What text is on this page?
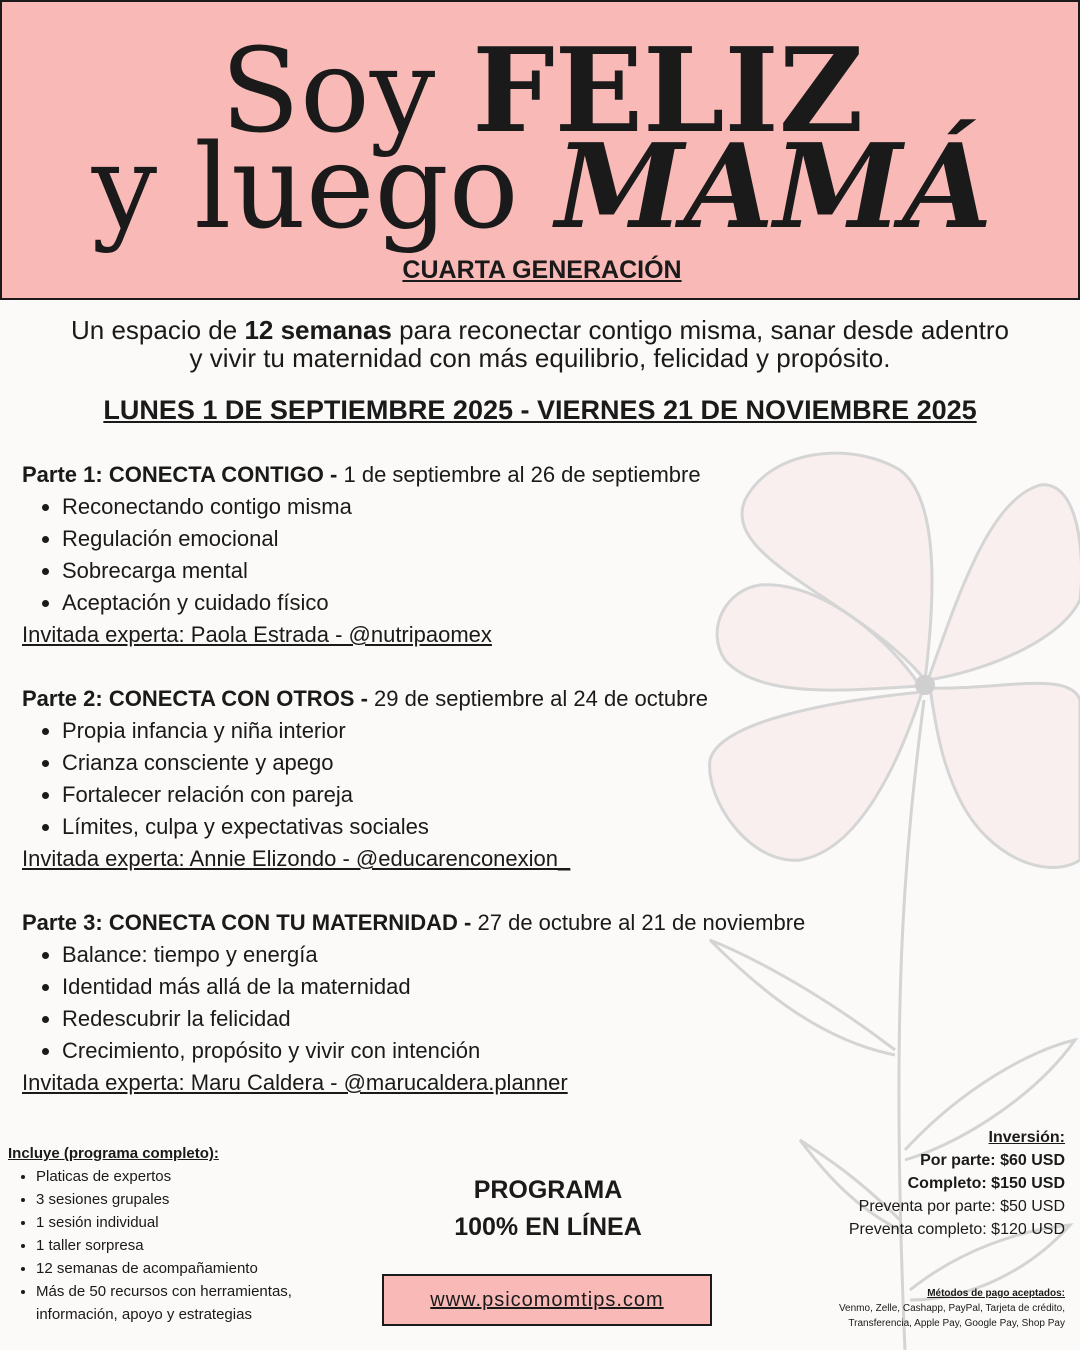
Soy FELIZ
y luego MAMÁ
CUARTA GENERACIÓN
Un espacio de 12 semanas para reconectar contigo misma, sanar desde adentro
y vivir tu maternidad con más equilibrio, felicidad y propósito.
LUNES 1 DE SEPTIEMBRE 2025 - VIERNES 21 DE NOVIEMBRE 2025
Parte 1: CONECTA CONTIGO - 1 de septiembre al 26 de septiembre
• Reconectando contigo misma
• Regulación emocional
• Sobrecarga mental
• Aceptación y cuidado físico
Invitada experta: Paola Estrada - @nutripaomex
Parte 2: CONECTA CON OTROS - 29 de septiembre al 24 de octubre
• Propia infancia y niña interior
• Crianza consciente y apego
• Fortalecer relación con pareja
• Límites, culpa y expectativas sociales
Invitada experta: Annie Elizondo - @educarenconexion_
Parte 3: CONECTA CON TU MATERNIDAD - 27 de octubre al 21 de noviembre
• Balance: tiempo y energía
• Identidad más allá de la maternidad
• Redescubrir la felicidad
• Crecimiento, propósito y vivir con intención
Invitada experta: Maru Caldera - @marucaldera.planner
Incluye (programa completo):
• Platicas de expertos
• 3 sesiones grupales
• 1 sesión individual
• 1 taller sorpresa
• 12 semanas de acompañamiento
• Más de 50 recursos con herramientas,
información, apoyo y estrategias
PROGRAMA
100% EN LÍNEA
www.psicomomtips.com
Inversión:
Por parte: $60 USD
Completo: $150 USD
Preventa por parte: $50 USD
Preventa completo: $120 USD
Métodos de pago aceptados:
Venmo, Zelle, Cashapp, PayPal, Tarjeta de crédito,
Transferencia, Apple Pay, Google Pay, Shop Pay
